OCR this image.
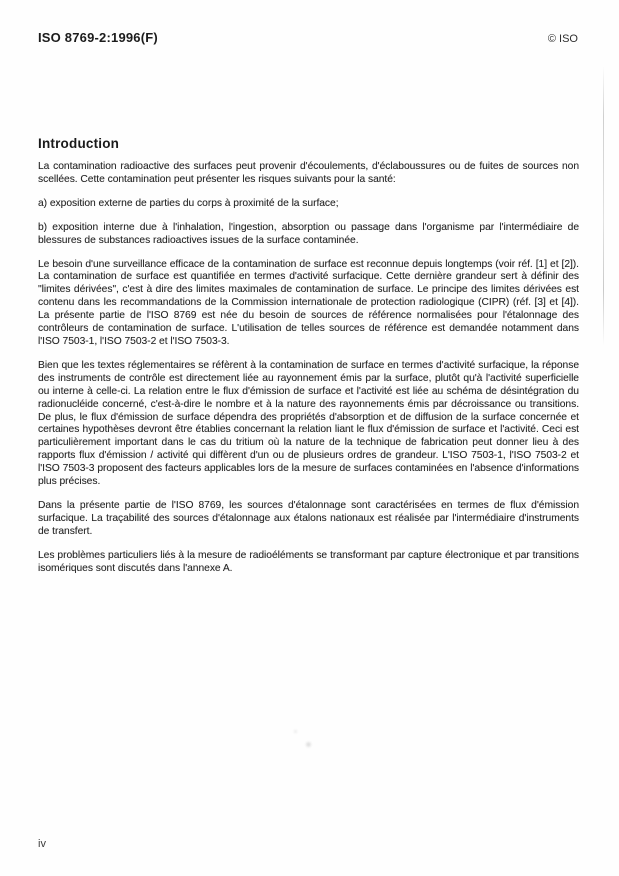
ISO 8769-2:1996(F)	© ISO
Introduction

La contamination radioactive des surfaces peut provenir d'écoulements, d'éclaboussures ou de fuites de sources non scellées. Cette contamination peut présenter les risques suivants pour la santé:

a) exposition externe de parties du corps à proximité de la surface;

b) exposition interne due à l'inhalation, l'ingestion, absorption ou passage dans l'organisme par l'intermédiaire de blessures de substances radioactives issues de la surface contaminée.

Le besoin d'une surveillance efficace de la contamination de surface est reconnue depuis longtemps (voir réf. [1] et [2]). La contamination de surface est quantifiée en termes d'activité surfacique. Cette dernière grandeur sert à définir des "limites dérivées", c'est à dire des limites maximales de contamination de surface. Le principe des limites dérivées est contenu dans les recommandations de la Commission internationale de protection radiologique (CIPR) (réf. [3] et [4]). La présente partie de l'ISO 8769 est née du besoin de sources de référence normalisées pour l'étalonnage des contrôleurs de contamination de surface. L'utilisation de telles sources de référence est demandée notamment dans l'ISO 7503-1, l'ISO 7503-2 et l'ISO 7503-3.

Bien que les textes réglementaires se réfèrent à la contamination de surface en termes d'activité surfacique, la réponse des instruments de contrôle est directement liée au rayonnement émis par la surface, plutôt qu'à l'activité superficielle ou interne à celle-ci. La relation entre le flux d'émission de surface et l'activité est liée au schéma de désintégration du radionucléide concerné, c'est-à-dire le nombre et à la nature des rayonnements émis par décroissance ou transitions. De plus, le flux d'émission de surface dépendra des propriétés d'absorption et de diffusion de la surface concernée et certaines hypothèses devront être établies concernant la relation liant le flux d'émission de surface et l'activité. Ceci est particulièrement important dans le cas du tritium où la nature de la technique de fabrication peut donner lieu à des rapports flux d'émission / activité qui diffèrent d'un ou de plusieurs ordres de grandeur. L'ISO 7503-1, l'ISO 7503-2 et l'ISO 7503-3 proposent des facteurs applicables lors de la mesure de surfaces contaminées en l'absence d'informations plus précises.

Dans la présente partie de l'ISO 8769, les sources d'étalonnage sont caractérisées en termes de flux d'émission surfacique. La traçabilité des sources d'étalonnage aux étalons nationaux est réalisée par l'intermédiaire d'instruments de transfert.

Les problèmes particuliers liés à la mesure de radioéléments se transformant par capture électronique et par transitions isomériques sont discutés dans l'annexe A.

iv
